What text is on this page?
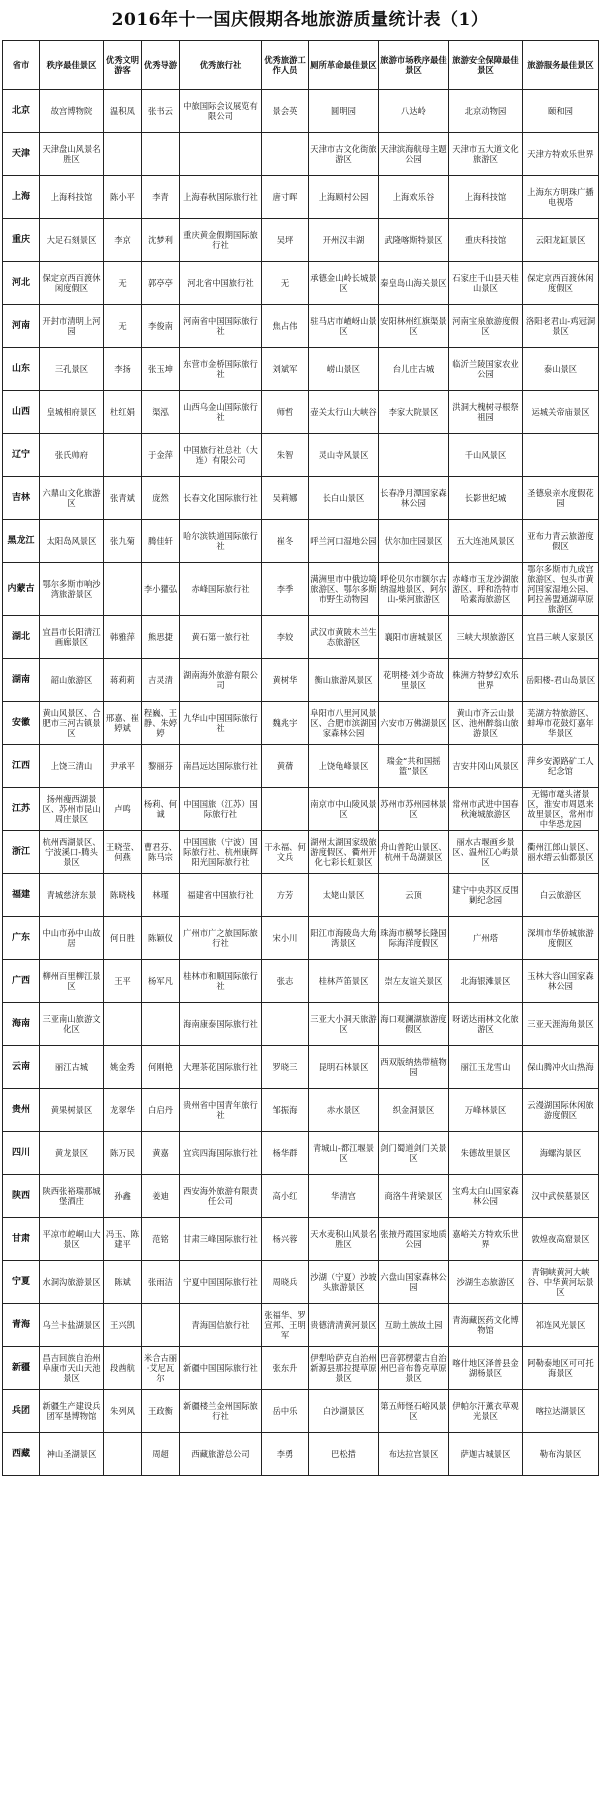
2016年十一国庆假期各地旅游质量统计表（1）
省市	秩序最佳景区	优秀文明游客	优秀导游	优秀旅行社	优秀旅游工作人员	厕所革命最佳景区	旅游市场秩序最佳景区	旅游安全保障最佳景区	旅游服务最佳景区
北京	故宫博物院	温积凤	张书云	中旅国际会议展览有限公司	景会英	圆明园	八达岭	北京动物园	颐和园
天津	天津盘山风景名胜区					天津市古文化街旅游区	天津滨海航母主题公园	天津市五大道文化旅游区	天津方特欢乐世界
上海	上海科技馆	陈小平	李青	上海春秋国际旅行社	唐寸晖	上海顾村公园	上海欢乐谷	上海科技馆	上海东方明珠广播电视塔
重庆	大足石刻景区	李京	沈梦利	重庆黄金假期国际旅行社	吴坪	开州汉丰湖	武隆喀斯特景区	重庆科技馆	云阳龙缸景区
河北	保定京西百渡休闲度假区	无	郭亭亭	河北省中国旅行社	无	承德金山岭长城景区	秦皇岛山海关景区	石家庄千山县天桂山景区	保定京西百渡休闲度假区
河南	开封市清明上河园	无	李俊南	河南省中国国际旅行社	焦占伟	驻马店市嵖岈山景区	安阳林州红旗渠景区	河南宝泉旅游度假区	洛阳老君山-鸡冠洞景区
山东	三孔景区	李扬	张玉坤	东营市金桥国际旅行社	刘斌军	崂山景区	台儿庄古城	临沂兰陵国家农业公园	泰山景区
山西	皇城相府景区	杜红娟	渠泓	山西乌金山国际旅行社	师哲	壶关太行山大峡谷	李家大院景区	洪洞大槐树寻根祭祖园	运城关帝庙景区
辽宁	张氏帅府		于金萍	中国旅行社总社（大连）有限公司	朱智	灵山寺风景区		千山风景区	
吉林	六鼎山文化旅游区	张青斌	庞然	长春文化国际旅行社	吴莉娜	长白山景区	长春净月潭国家森林公园	长影世纪城	圣德泉亲水度假花园
黑龙江	太阳岛风景区	张九菊	腾佳轩	哈尔滨铁道国际旅行社	崔冬	呼兰河口湿地公园	伏尔加庄园景区	五大连池风景区	亚布力青云旅游度假区
内蒙古	鄂尔多斯市响沙湾旅游景区		李小獾弘	赤峰国际旅行社	李季	满洲里市中俄边境旅游区、鄂尔多斯市野生动物园	呼伦贝尔市额尔古纳湿地景区、阿尔山-柴河旅游区	赤峰市玉龙沙湖旅游区、呼和浩特市哈素海旅游区	鄂尔多斯市九成宫旅游区、包头市黄河国家湿地公园、阿拉善盟通湖草原旅游区
湖北	宜昌市长阳清江画廊景区	韩雅萍	熊思捷	黄石第一旅行社	李姣	武汉市黄陂木兰生态旅游区	襄阳市唐城景区	三峡大坝旅游区	宜昌三峡人家景区
湖南	韶山旅游区	蒋莉莉	吉灵清	湖南海外旅游有限公司	黄树华	衡山旅游风景区	花明楼·刘少奇故里景区	株洲方特梦幻欢乐世界	岳阳楼-君山岛景区
安徽	黄山风景区、合肥市三河古镇景区	邢嘉、崔婷斌	程巍、王静、朱婷婷	九华山中国国际旅行社	魏兆宇	阜阳市八里河风景区、合肥市滨湖国家森林公园	六安市万佛湖景区	黄山市齐云山景区、池州醉翁山旅游景区	芜湖方特旅游区、蚌埠市花鼓灯嘉年华景区
江西	上饶三清山	尹承平	黎丽芬	南昌远达国际旅行社	黄蒨	上饶龟峰景区	瑞金“共和国摇篮”景区	吉安井冈山风景区	萍乡安源路矿工人纪念馆
江苏	扬州瘦西湖景区、苏州市昆山周庄景区	卢鸣	杨莉、何诚	中国国旅（江苏）国际旅行社		南京市中山陵风景区	苏州市苏州园林景区	常州市武进中国春秋淹城旅游区	无锡市鼋头渚景区，淮安市周恩来故里景区，常州市中华恐龙园
浙江	杭州西湖景区、宁波溪口-腾头景区	王晓莹、何燕	曹君芬、陈马宗	中国国旅（宁波）国际旅行社、杭州康辉阳光国际旅行社	干永福、何文兵	湖州太湖国家级旅游度假区、衢州开化七彩长虹景区	舟山普陀山景区、杭州千岛湖景区	丽水古堰画乡景区、温州江心屿景区	衢州江郎山景区、丽水缙云仙都景区
福建	青城慈济东景	陈晓栈	林瑾	福建省中国旅行社	方芳	太姥山景区	云顶	建宁中央苏区反围剿纪念园	白云旅游区
广东	中山市孙中山故居	何日胜	陈颖仪	广州市广之旅国际旅行社	宋小川	阳江市海陵岛大角湾景区	珠海市横琴长隆国际海洋度假区	广州塔	深圳市华侨城旅游度假区
广西	柳州百里柳江景区	王平	杨军凡	桂林市和顺国际旅行社	张志	桂林芦笛景区	崇左友谊关景区	北海银滩景区	玉林大容山国家森林公园
海南	三亚南山旅游文化区			海南康泰国际旅行社		三亚大小洞天旅游区	海口观澜湖旅游度假区	呀诺达雨林文化旅游区	三亚天涯海角景区
云南	丽江古城	姚金秀	何刚艳	大理茶花国际旅行社	罗晓三	昆明石林景区	西双版纳热带植物园	丽江玉龙雪山	保山腾冲火山热海
贵州	黄果树景区	龙翠华	白启丹	贵州省中国青年旅行社	邹振海	赤水景区	织金洞景区	万峰林景区	云漫湖国际休闲旅游度假区
四川	黄龙景区	陈万民	黄嘉	宜宾四海国际旅行社	杨华群	青城山-都江堰景区	剑门蜀道剑门关景区	朱德故里景区	海螺沟景区
陕西	陕西张裕瑞那城堡酒庄	孙鑫	姜迪	西安海外旅游有限责任公司	高小红	华清宫	商洛牛背梁景区	宝鸡太白山国家森林公园	汉中武侯墓景区
甘肃	平凉市崆峒山大景区	冯玉、陈建平	范铭	甘肃三峰国际旅行社	杨兴蓉	天水麦积山风景名胜区	张掖丹霞国家地质公园	嘉峪关方特欢乐世界	敦煌夜高窟景区
宁夏	水洞沟旅游景区	陈斌	张雨洁	宁夏中国国际旅行社	周晓兵	沙湖（宁夏）沙坡头旅游景区	六盘山国家森林公园	沙湖生态旅游区	青铜峡黄河大峡谷、中华黄河坛景区
青海	乌兰卡盐湖景区	王兴凯		青海国信旅行社	张福华、罗宣邦、王明军	贵德清清黄河景区	互助土族故土园	青海藏医药文化博物馆	祁连风光景区
新疆	昌吉回族自治州阜康市天山天池景区	段酋航	米合古丽·艾尼瓦尔	新疆中国国际旅行社	张东升	伊犁哈萨克自治州新源县那拉提草原景区	巴音郭楞蒙古自治州巴音布鲁克草原景区	喀什地区泽普县金湖杨景区	阿勒泰地区可可托海景区
兵团	新疆生产建设兵团军垦博物馆	朱列风	王政衡	新疆楼兰金州国际旅行社	岳中乐	白沙湖景区	第五师怪石峪风景区	伊帕尔汗薰衣草观光景区	喀拉达湖景区
西藏	神山圣湖景区		周超	西藏旅游总公司	李勇	巴松措	布达拉宫景区	萨迦古城景区	勒布沟景区
